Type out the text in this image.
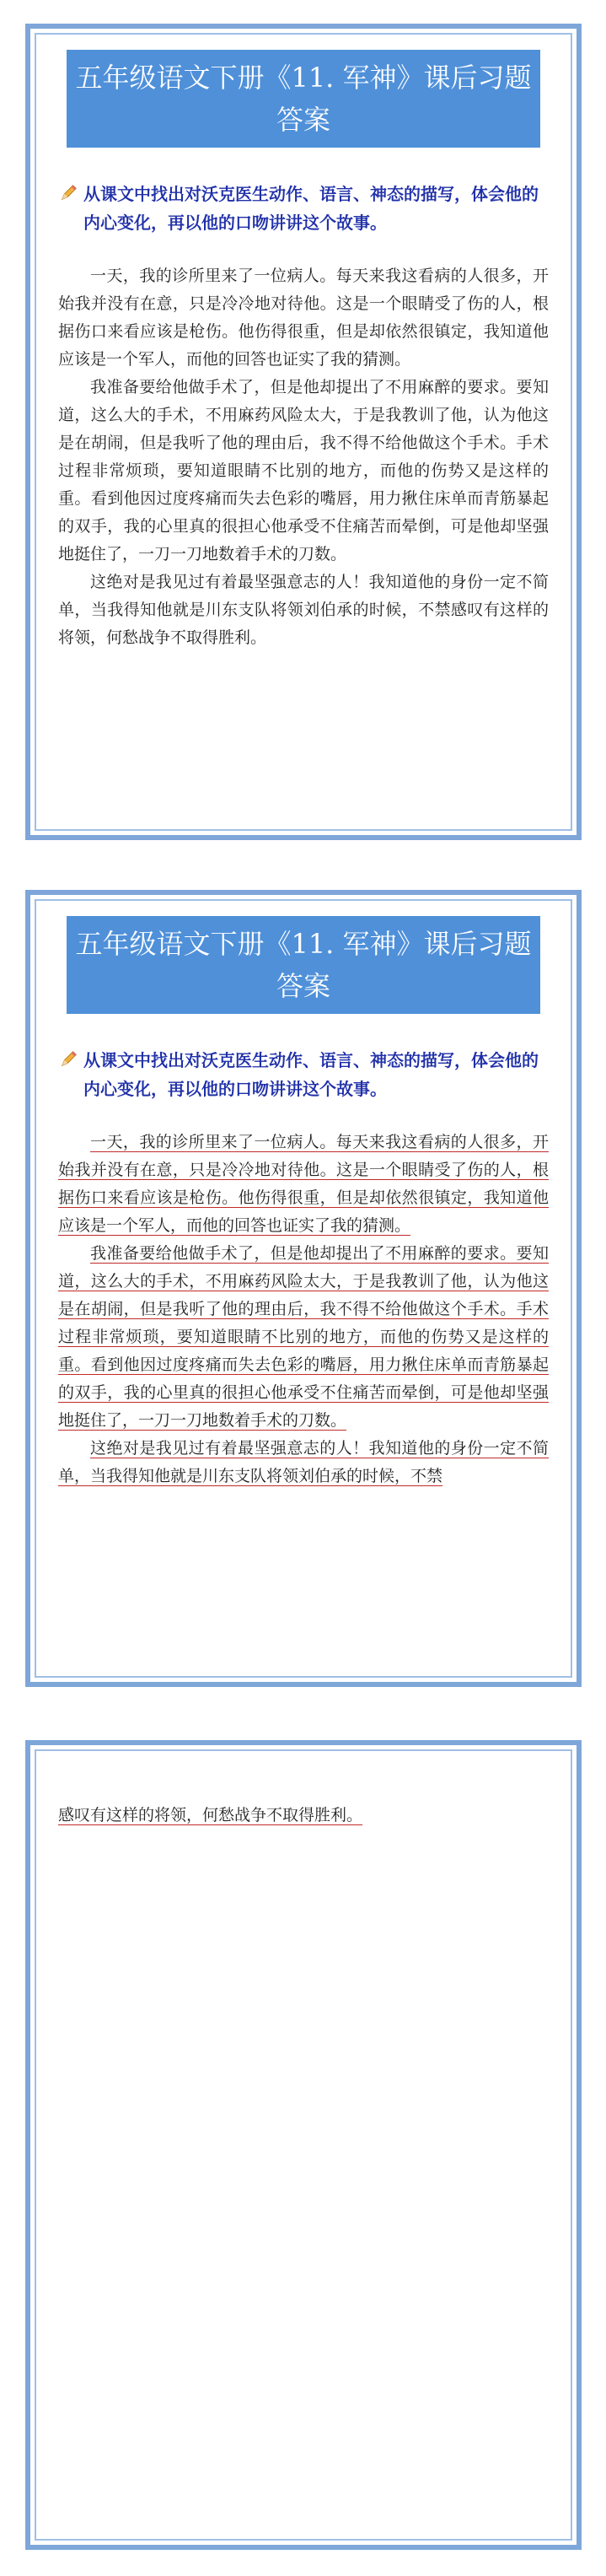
五年级语文下册《11. 军神》课后习题答案
从课文中找出对沃克医生动作、语言、神态的描写，体会他的内心变化，再以他的口吻讲讲这个故事。

一天，我的诊所里来了一位病人。每天来我这看病的人很多，开始我并没有在意，只是冷冷地对待他。这是一个眼睛受了伤的人，根据伤口来看应该是枪伤。他伤得很重，但是却依然很镇定，我知道他应该是一个军人，而他的回答也证实了我的猜测。

我准备要给他做手术了，但是他却提出了不用麻醉的要求。要知道，这么大的手术，不用麻药风险太大，于是我教训了他，认为他这是在胡闹，但是我听了他的理由后，我不得不给他做这个手术。手术过程非常烦琐，要知道眼睛不比别的地方，而他的伤势又是这样的重。看到他因过度疼痛而失去色彩的嘴唇，用力揪住床单而青筋暴起的双手，我的心里真的很担心他承受不住痛苦而晕倒，可是他却坚强地挺住了，一刀一刀地数着手术的刀数。

这绝对是我见过有着最坚强意志的人！我知道他的身份一定不简单，当我得知他就是川东支队将领刘伯承的时候，不禁感叹有这样的将领，何愁战争不取得胜利。

五年级语文下册《11. 军神》课后习题答案
从课文中找出对沃克医生动作、语言、神态的描写，体会他的内心变化，再以他的口吻讲讲这个故事。

一天，我的诊所里来了一位病人。每天来我这看病的人很多，开始我并没有在意，只是冷冷地对待他。这是一个眼睛受了伤的人，根据伤口来看应该是枪伤。他伤得很重，但是却依然很镇定，我知道他应该是一个军人，而他的回答也证实了我的猜测。

我准备要给他做手术了，但是他却提出了不用麻醉的要求。要知道，这么大的手术，不用麻药风险太大，于是我教训了他，认为他这是在胡闹，但是我听了他的理由后，我不得不给他做这个手术。手术过程非常烦琐，要知道眼睛不比别的地方，而他的伤势又是这样的重。看到他因过度疼痛而失去色彩的嘴唇，用力揪住床单而青筋暴起的双手，我的心里真的很担心他承受不住痛苦而晕倒，可是他却坚强地挺住了，一刀一刀地数着手术的刀数。

这绝对是我见过有着最坚强意志的人！我知道他的身份一定不简单，当我得知他就是川东支队将领刘伯承的时候，不禁

感叹有这样的将领，何愁战争不取得胜利。
